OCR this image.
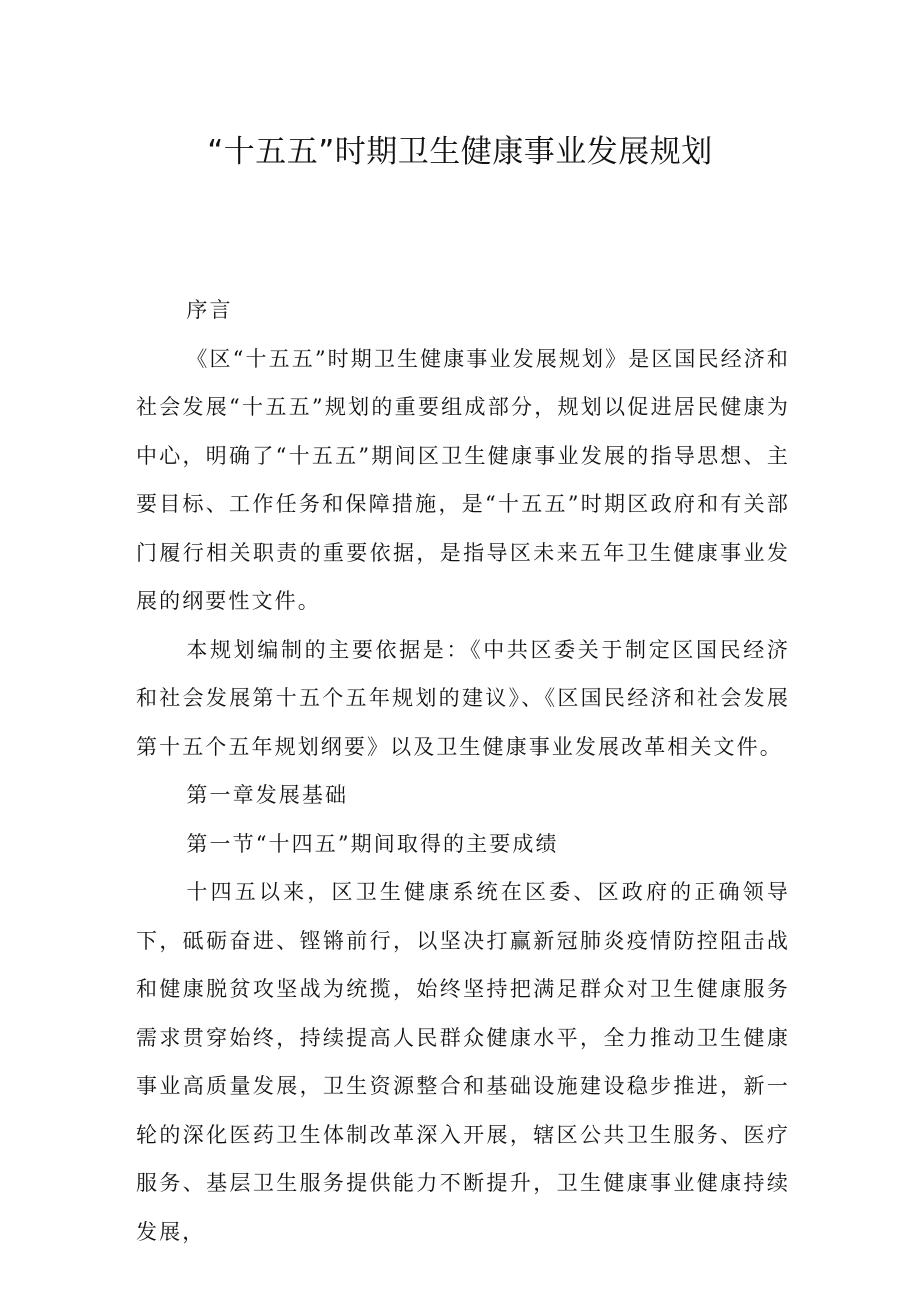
“十五五”时期卫生健康事业发展规划

序言

《区“十五五”时期卫生健康事业发展规划》是区国民经济和社会发展“十五五”规划的重要组成部分，规划以促进居民健康为中心，明确了“十五五”期间区卫生健康事业发展的指导思想、主要目标、工作任务和保障措施，是“十五五”时期区政府和有关部门履行相关职责的重要依据，是指导区未来五年卫生健康事业发展的纲要性文件。

本规划编制的主要依据是：《中共区委关于制定区国民经济和社会发展第十五个五年规划的建议》、《区国民经济和社会发展第十五个五年规划纲要》以及卫生健康事业发展改革相关文件。

第一章发展基础

第一节“十四五”期间取得的主要成绩

十四五以来，区卫生健康系统在区委、区政府的正确领导下，砥砺奋进、铿锵前行，以坚决打赢新冠肺炎疫情防控阻击战和健康脱贫攻坚战为统揽，始终坚持把满足群众对卫生健康服务需求贯穿始终，持续提高人民群众健康水平，全力推动卫生健康事业高质量发展，卫生资源整合和基础设施建设稳步推进，新一轮的深化医药卫生体制改革深入开展，辖区公共卫生服务、医疗服务、基层卫生服务提供能力不断提升，卫生健康事业健康持续发展，
